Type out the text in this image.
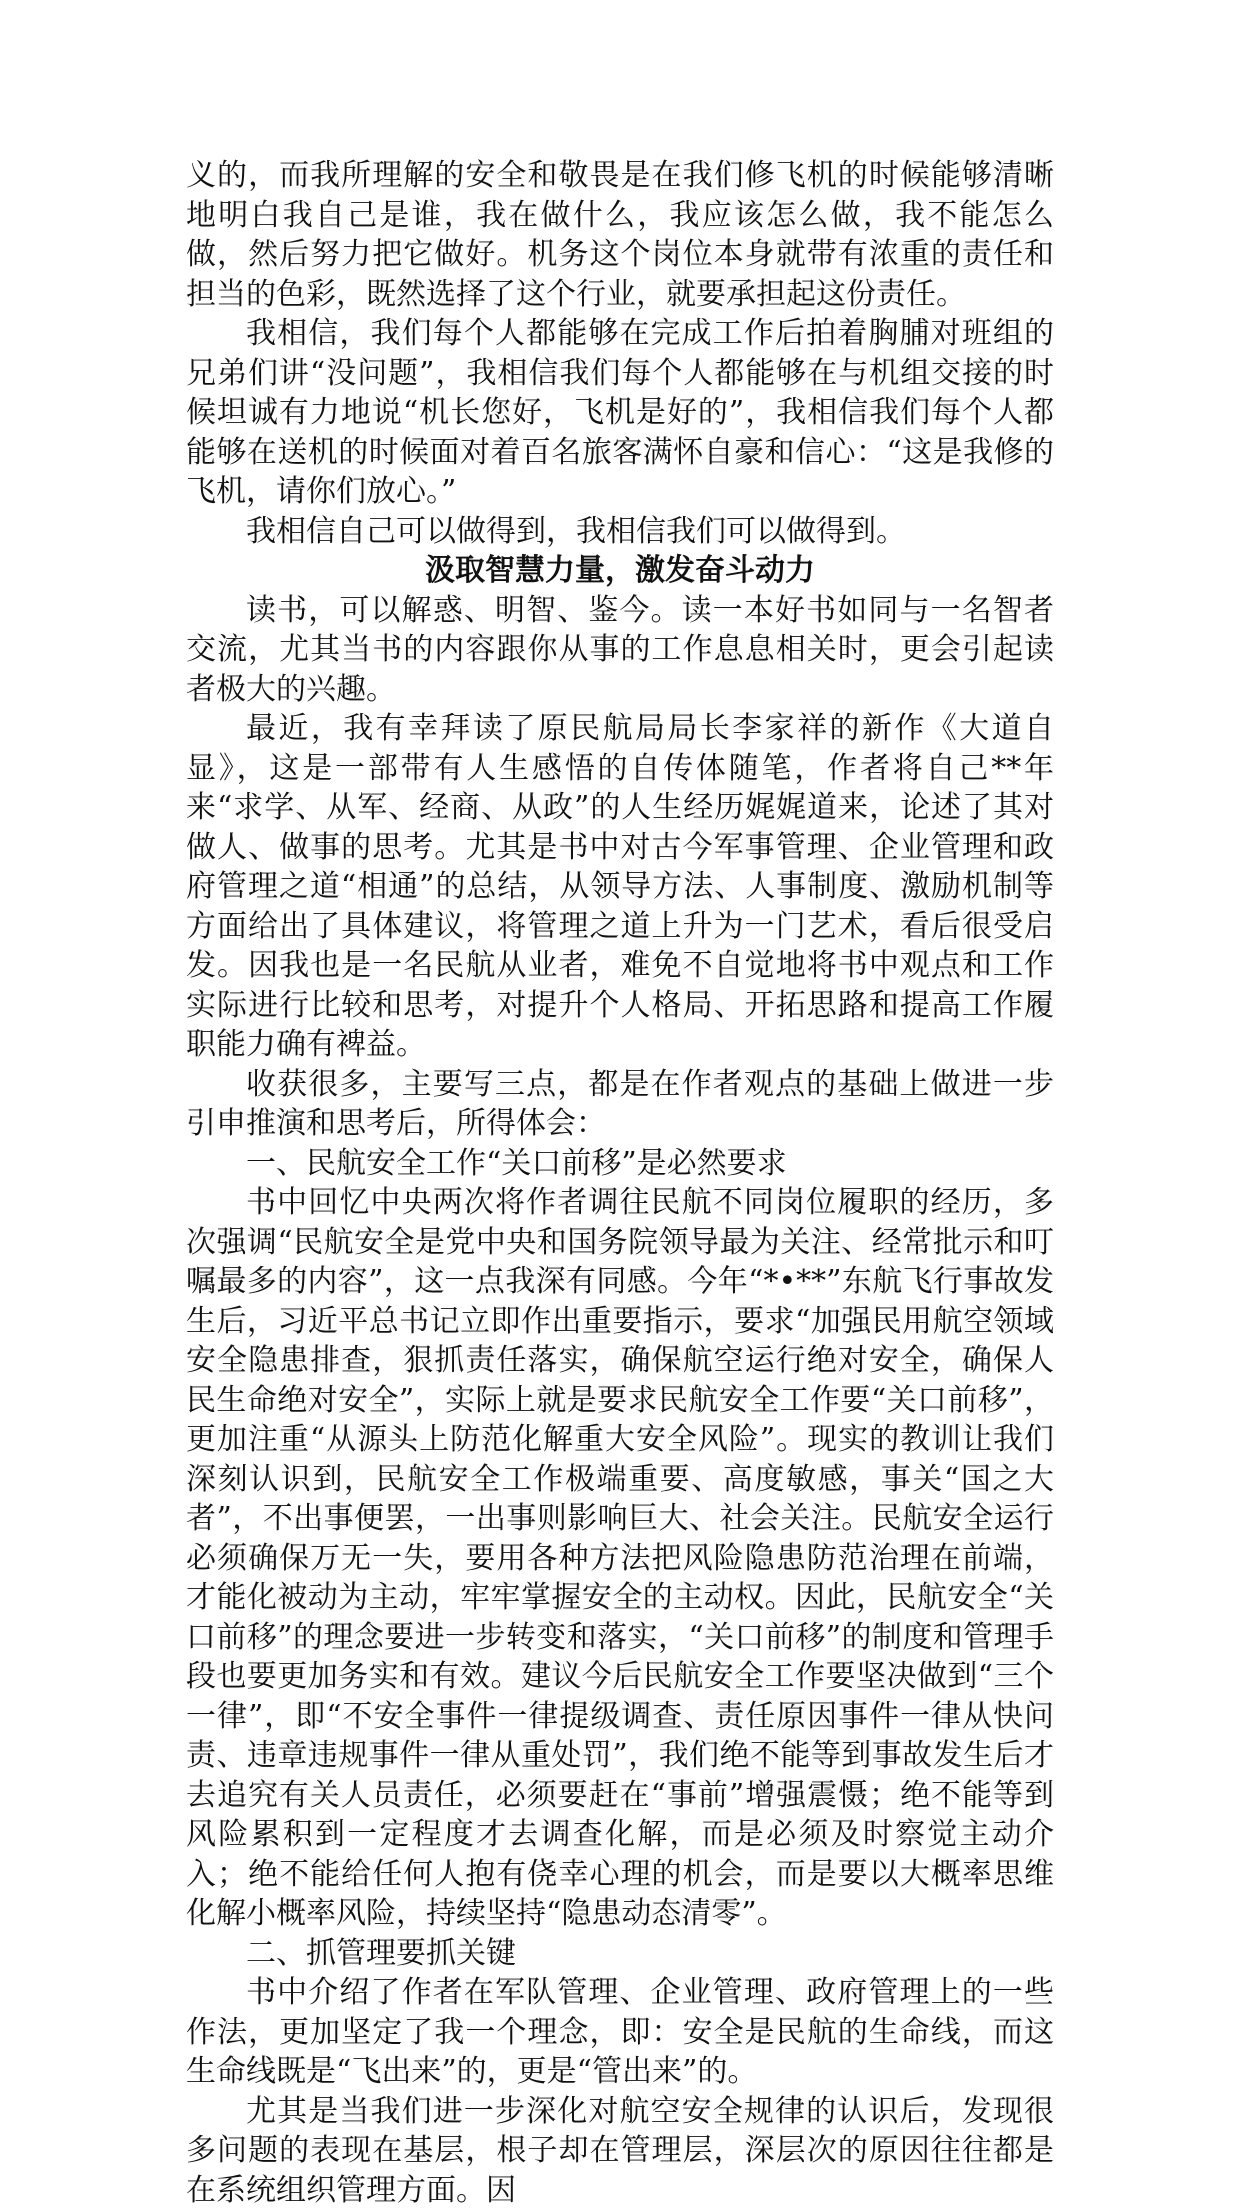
义的，而我所理解的安全和敬畏是在我们修飞机的时候能够清晰地明白我自己是谁，我在做什么，我应该怎么做，我不能怎么做，然后努力把它做好。机务这个岗位本身就带有浓重的责任和担当的色彩，既然选择了这个行业，就要承担起这份责任。

我相信，我们每个人都能够在完成工作后拍着胸脯对班组的兄弟们讲“没问题”，我相信我们每个人都能够在与机组交接的时候坦诚有力地说“机长您好，飞机是好的”，我相信我们每个人都能够在送机的时候面对着百名旅客满怀自豪和信心：“这是我修的飞机，请你们放心。”

我相信自己可以做得到，我相信我们可以做得到。

汲取智慧力量，激发奋斗动力

读书，可以解惑、明智、鉴今。读一本好书如同与一名智者交流，尤其当书的内容跟你从事的工作息息相关时，更会引起读者极大的兴趣。

最近，我有幸拜读了原民航局局长李家祥的新作《大道自显》，这是一部带有人生感悟的自传体随笔，作者将自己**年来“求学、从军、经商、从政”的人生经历娓娓道来，论述了其对做人、做事的思考。尤其是书中对古今军事管理、企业管理和政府管理之道“相通”的总结，从领导方法、人事制度、激励机制等方面给出了具体建议，将管理之道上升为一门艺术，看后很受启发。因我也是一名民航从业者，难免不自觉地将书中观点和工作实际进行比较和思考，对提升个人格局、开拓思路和提高工作履职能力确有裨益。

收获很多，主要写三点，都是在作者观点的基础上做进一步引申推演和思考后，所得体会：

一、民航安全工作“关口前移”是必然要求

书中回忆中央两次将作者调往民航不同岗位履职的经历，多次强调“民航安全是党中央和国务院领导最为关注、经常批示和叮嘱最多的内容”，这一点我深有同感。今年“*•**”东航飞行事故发生后，习近平总书记立即作出重要指示，要求“加强民用航空领域安全隐患排查，狠抓责任落实，确保航空运行绝对安全，确保人民生命绝对安全”，实际上就是要求民航安全工作要“关口前移”，更加注重“从源头上防范化解重大安全风险”。现实的教训让我们深刻认识到，民航安全工作极端重要、高度敏感，事关“国之大者”，不出事便罢，一出事则影响巨大、社会关注。民航安全运行必须确保万无一失，要用各种方法把风险隐患防范治理在前端，才能化被动为主动，牢牢掌握安全的主动权。因此，民航安全“关口前移”的理念要进一步转变和落实，“关口前移”的制度和管理手段也要更加务实和有效。建议今后民航安全工作要坚决做到“三个一律”，即“不安全事件一律提级调查、责任原因事件一律从快问责、违章违规事件一律从重处罚”，我们绝不能等到事故发生后才去追究有关人员责任，必须要赶在“事前”增强震慑；绝不能等到风险累积到一定程度才去调查化解，而是必须及时察觉主动介入；绝不能给任何人抱有侥幸心理的机会，而是要以大概率思维化解小概率风险，持续坚持“隐患动态清零”。

二、抓管理要抓关键

书中介绍了作者在军队管理、企业管理、政府管理上的一些作法，更加坚定了我一个理念，即：安全是民航的生命线，而这生命线既是“飞出来”的，更是“管出来”的。

尤其是当我们进一步深化对航空安全规律的认识后，发现很多问题的表现在基层，根子却在管理层，深层次的原因往往都是在系统组织管理方面。因
